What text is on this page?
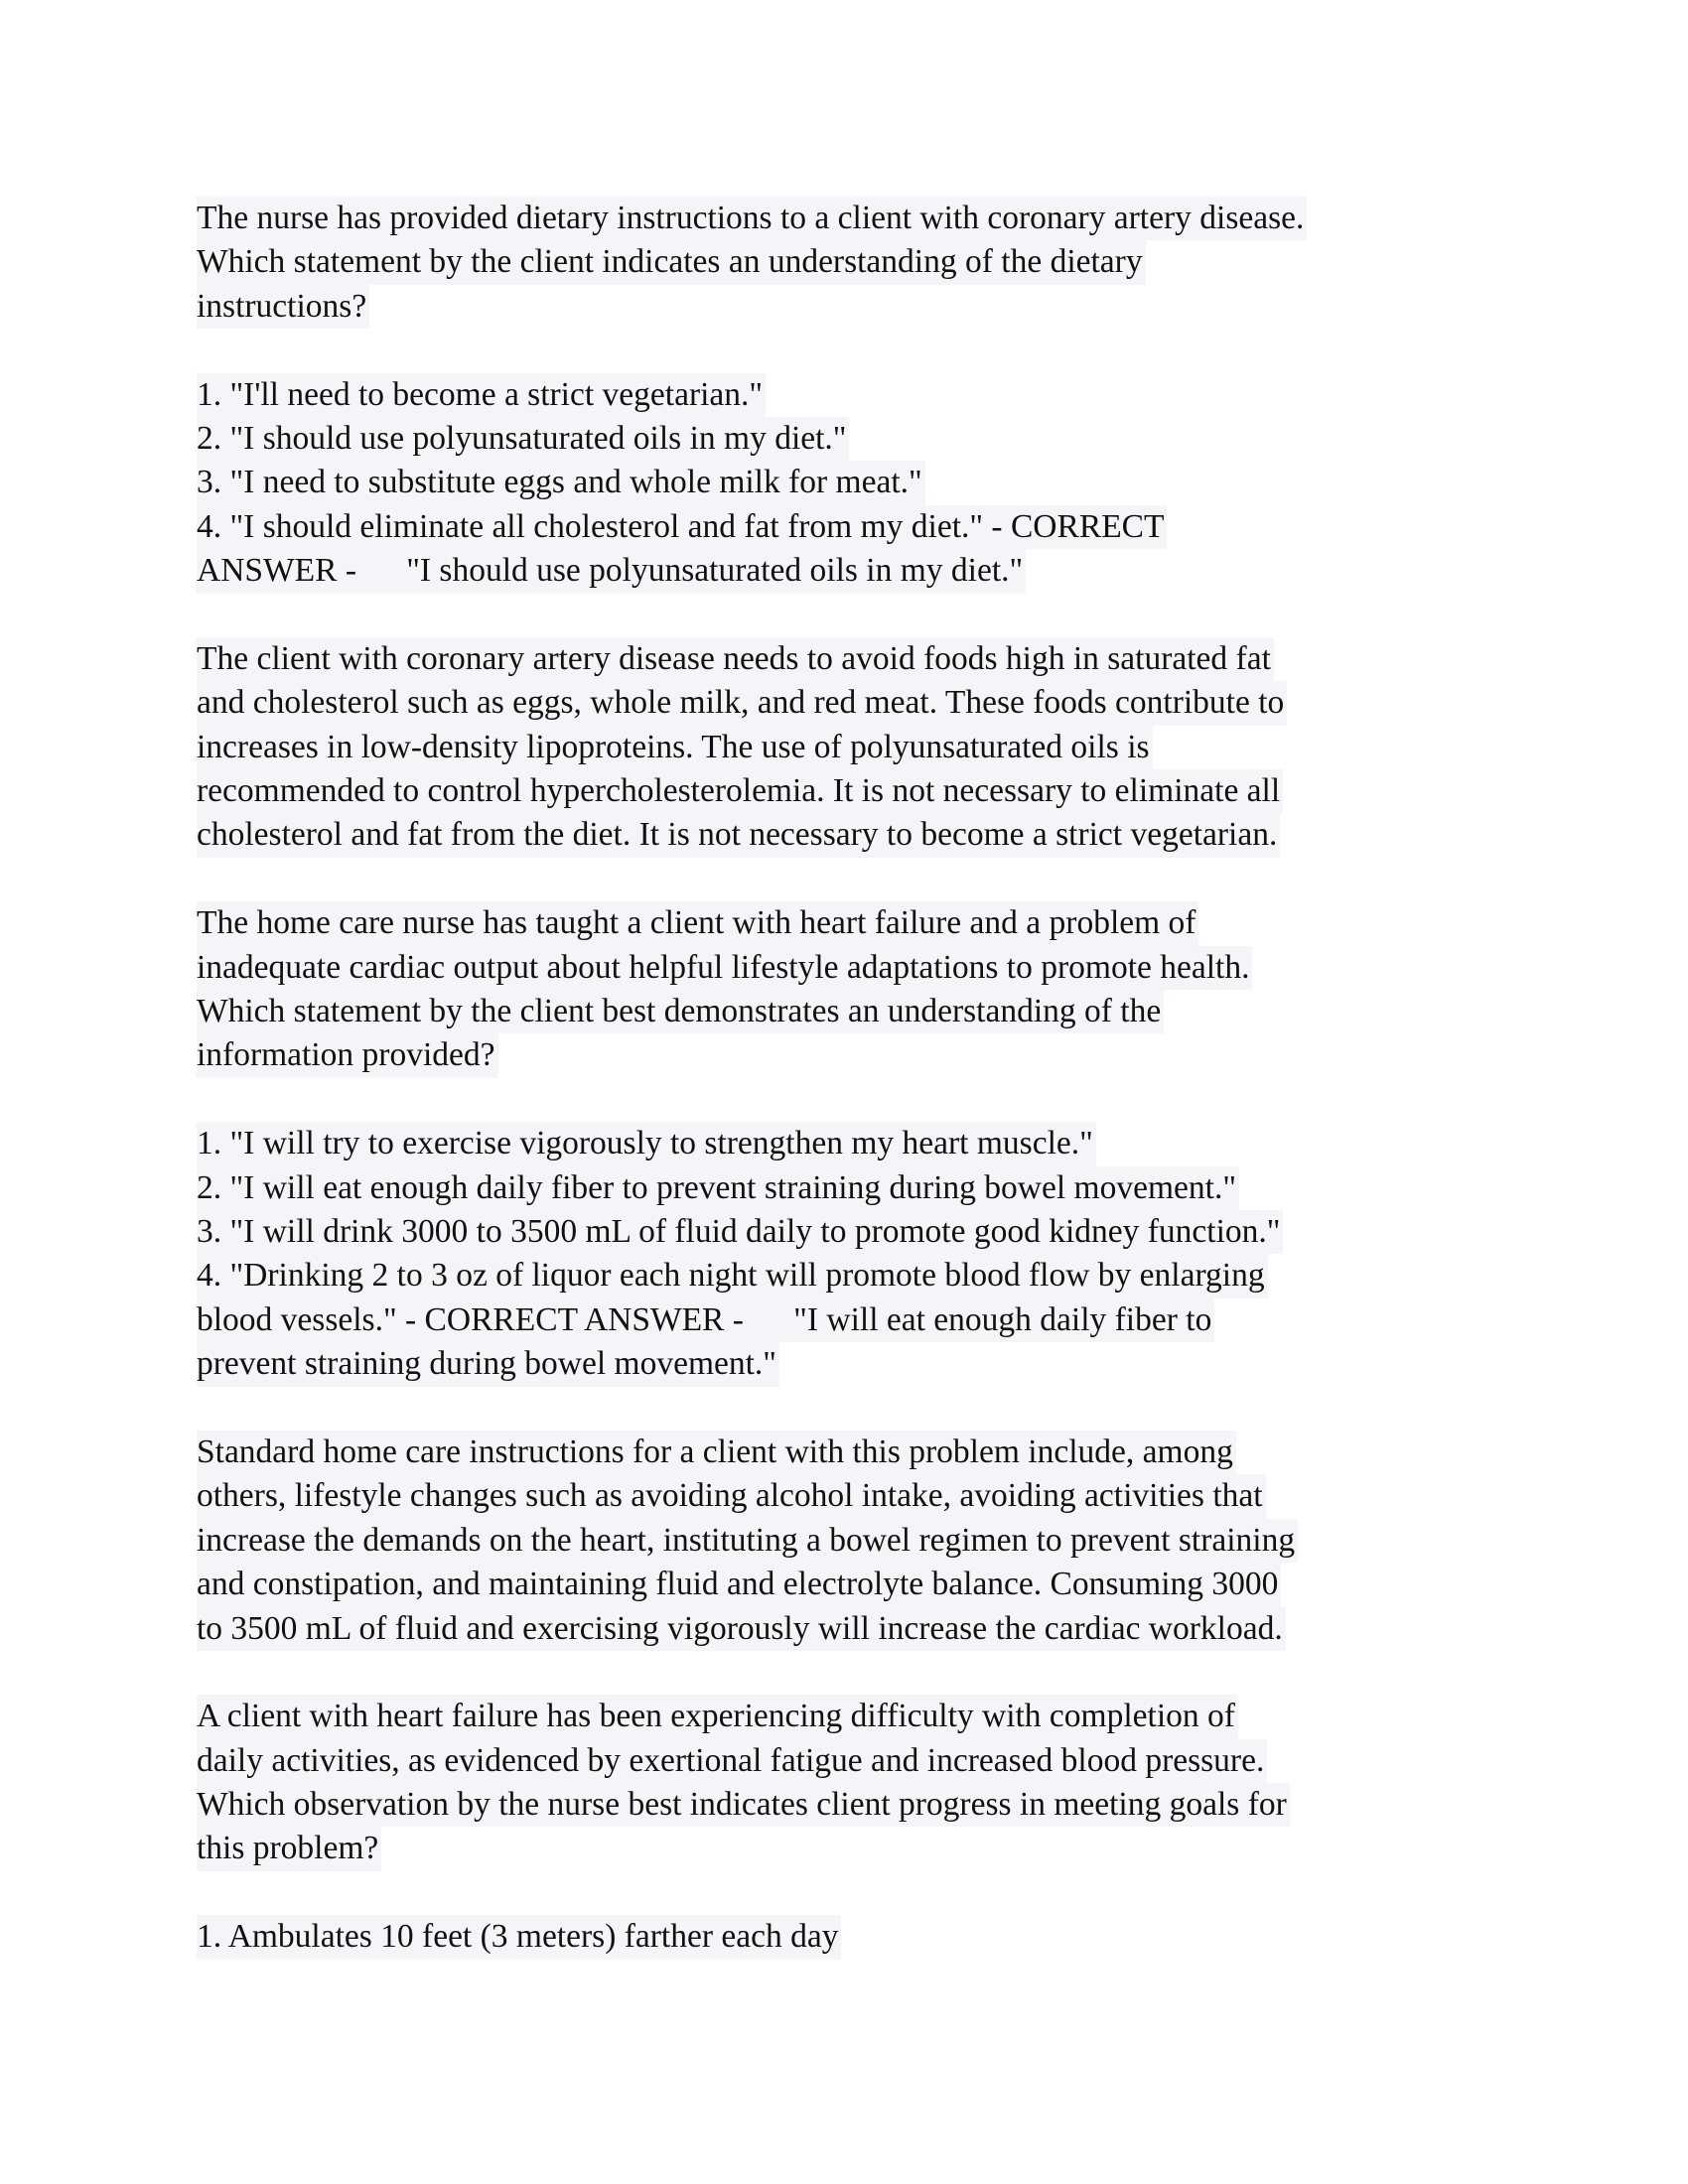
The nurse has provided dietary instructions to a client with coronary artery disease.
Which statement by the client indicates an understanding of the dietary
instructions?
1. "I'll need to become a strict vegetarian."
2. "I should use polyunsaturated oils in my diet."
3. "I need to substitute eggs and whole milk for meat."
4. "I should eliminate all cholesterol and fat from my diet." - CORRECT
ANSWER -      "I should use polyunsaturated oils in my diet."
The client with coronary artery disease needs to avoid foods high in saturated fat
and cholesterol such as eggs, whole milk, and red meat. These foods contribute to
increases in low-density lipoproteins. The use of polyunsaturated oils is
recommended to control hypercholesterolemia. It is not necessary to eliminate all
cholesterol and fat from the diet. It is not necessary to become a strict vegetarian.
The home care nurse has taught a client with heart failure and a problem of
inadequate cardiac output about helpful lifestyle adaptations to promote health.
Which statement by the client best demonstrates an understanding of the
information provided?
1. "I will try to exercise vigorously to strengthen my heart muscle."
2. "I will eat enough daily fiber to prevent straining during bowel movement."
3. "I will drink 3000 to 3500 mL of fluid daily to promote good kidney function."
4. "Drinking 2 to 3 oz of liquor each night will promote blood flow by enlarging
blood vessels." - CORRECT ANSWER -      "I will eat enough daily fiber to
prevent straining during bowel movement."
Standard home care instructions for a client with this problem include, among
others, lifestyle changes such as avoiding alcohol intake, avoiding activities that
increase the demands on the heart, instituting a bowel regimen to prevent straining
and constipation, and maintaining fluid and electrolyte balance. Consuming 3000
to 3500 mL of fluid and exercising vigorously will increase the cardiac workload.
A client with heart failure has been experiencing difficulty with completion of
daily activities, as evidenced by exertional fatigue and increased blood pressure.
Which observation by the nurse best indicates client progress in meeting goals for
this problem?
1. Ambulates 10 feet (3 meters) farther each day
